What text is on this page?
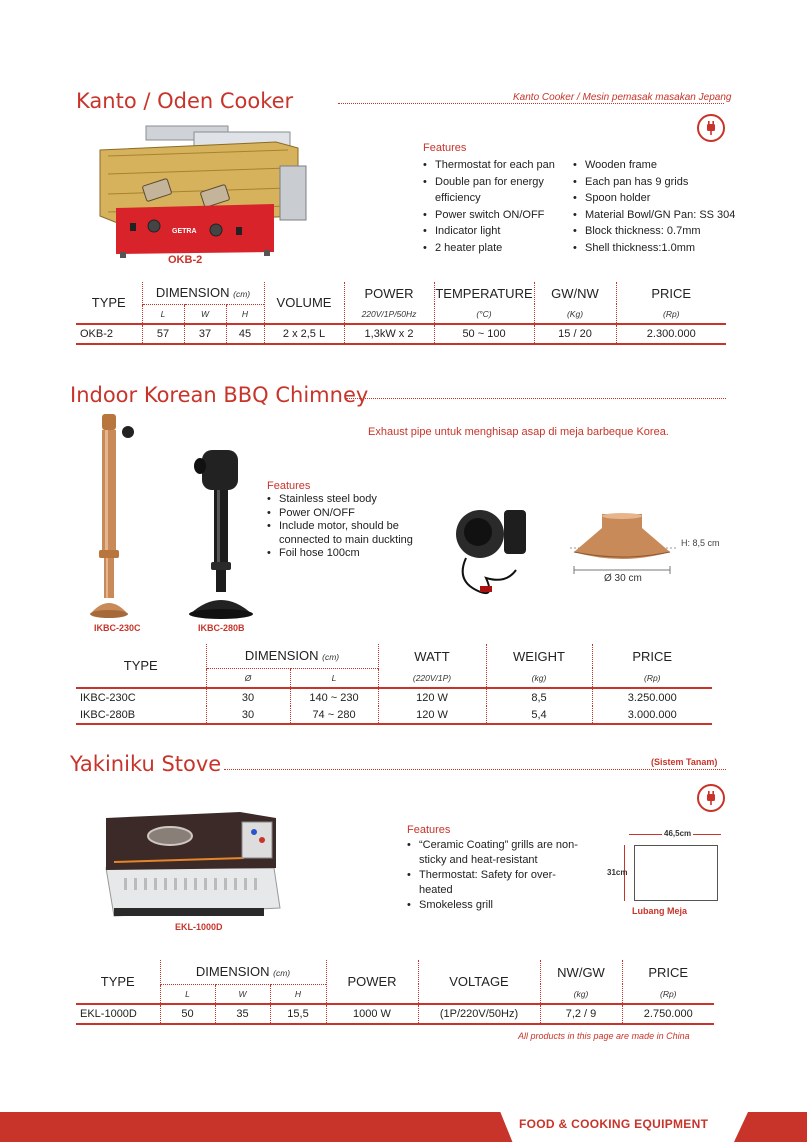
Kanto / Oden Cooker	Kanto Cooker / Mesin pemasak masakan Jepang
GETRA
OKB-2
Features
• Thermostat for each pan
• Double pan for energy efficiency
• Power switch ON/OFF
• Indicator light
• 2 heater plate
• Wooden frame
• Each pan has 9 grids
• Spoon holder
• Material Bowl/GN Pan: SS 304
• Block thickness: 0.7mm
• Shell thickness:1.0mm
TYPE	DIMENSION (cm)			VOLUME	POWER	TEMPERATURE	GW/NW	PRICE
	L	W	H		220V/1P/50Hz	(°C)	(Kg)	(Rp)
OKB-2	57	37	45	2 x 2,5 L	1,3kW x 2	50 ~ 100	15 / 20	2.300.000
Indoor Korean BBQ Chimney
Exhaust pipe untuk menghisap asap di meja barbeque Korea.
IKBC-230C	IKBC-280B
Features
• Stainless steel body
• Power ON/OFF
• Include motor, should be connected to main duckting
• Foil hose 100cm
H: 8,5 cm
Ø 30 cm
TYPE	DIMENSION (cm)		WATT	WEIGHT	PRICE
	Ø	L	(220V/1P)	(kg)	(Rp)
IKBC-230C	30	140 ~ 230	120 W	8,5	3.250.000
IKBC-280B	30	74 ~ 280	120 W	5,4	3.000.000
Yakiniku Stove	(Sistem Tanam)
EKL-1000D
Features
• “Ceramic Coating” grills are non-sticky and heat-resistant
• Thermostat: Safety for over-heated
• Smokeless grill
46,5cm
31cm
Lubang Meja
TYPE	DIMENSION (cm)			POWER	VOLTAGE	NW/GW	PRICE
	L	W	H			(kg)	(Rp)
EKL-1000D	50	35	15,5	1000 W	(1P/220V/50Hz)	7,2 / 9	2.750.000
All products in this page are made in China
FOOD & COOKING EQUIPMENT
